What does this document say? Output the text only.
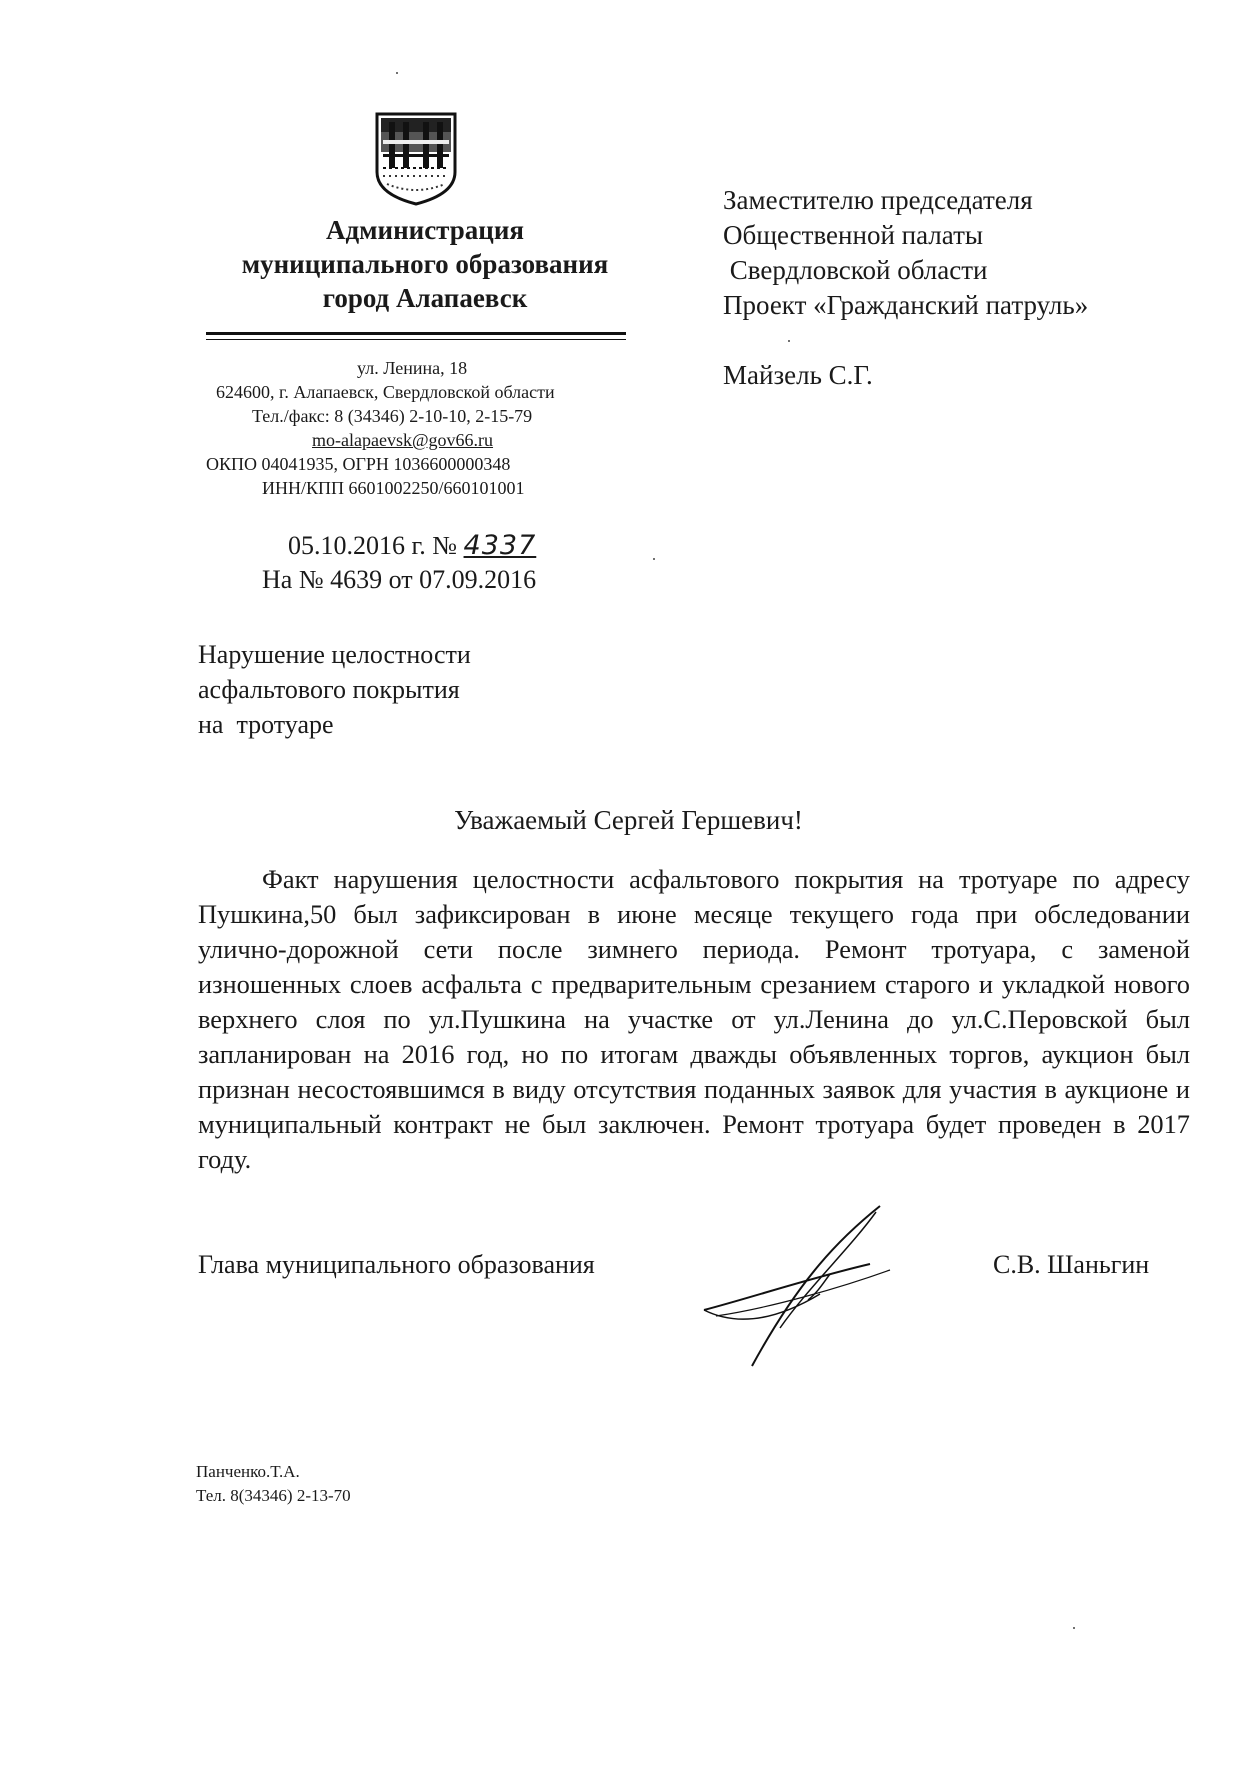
Администрация
муниципального образования
город Алапаевск
ул. Ленина, 18
624600, г. Алапаевск, Свердловской области
Тел./факс: 8 (34346) 2-10-10, 2-15-79
mo-alapaevsk@gov66.ru
ОКПО 04041935, ОГРН 1036600000348
ИНН/КПП 6601002250/660101001
05.10.2016 г. № 4337
На № 4639 от 07.09.2016
Заместителю председателя
Общественной палаты
Свердловской области
Проект «Гражданский патруль»
Майзель С.Г.
Нарушение целостности
асфальтового покрытия
на  тротуаре
Уважаемый Сергей Гершевич!

Факт нарушения целостности асфальтового покрытия на тротуаре по адресу Пушкина,50 был зафиксирован в июне месяце текущего года при обследовании улично-дорожной сети после зимнего периода. Ремонт тротуара, с заменой изношенных слоев асфальта с предварительным срезанием старого и укладкой нового верхнего слоя по ул.Пушкина на участке от ул.Ленина до ул.С.Перовской был запланирован на 2016 год, но по итогам дважды объявленных торгов, аукцион был признан несостоявшимся в виду отсутствия поданных заявок для участия в аукционе и муниципальный контракт не был заключен. Ремонт тротуара будет проведен в 2017 году.

Глава муниципального образования	С.В. Шаньгин
Панченко.Т.А.
Тел. 8(34346) 2-13-70
